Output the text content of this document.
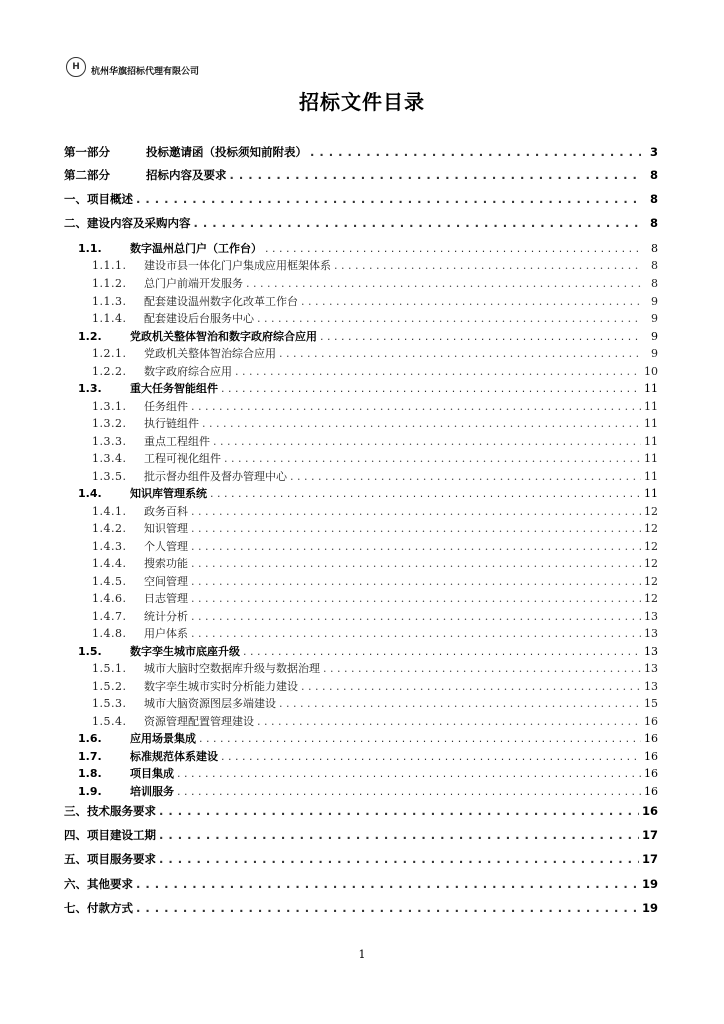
H 杭州华旗招标代理有限公司
招标文件目录
第一部分	投标邀请函（投标须知前附表） . . .	3
第二部分	招标内容及要求 . . .	8
一、项目概述 . . .	8
二、建设内容及采购内容 . . .	8
1.1.	数字温州总门户（工作台） . . .	8
1.1.1. 建设市县一体化门户集成应用框架体系 . . .	8
1.1.2. 总门户前端开发服务 . . .	8
1.1.3. 配套建设温州数字化改革工作台 . . .	9
1.1.4. 配套建设后台服务中心 . . .	9
1.2.	党政机关整体智治和数字政府综合应用 . . .	9
1.2.1. 党政机关整体智治综合应用 . . .	9
1.2.2. 数字政府综合应用 . . .	10
1.3.	重大任务智能组件 . . .	11
1.3.1. 任务组件 . . .	11
1.3.2. 执行链组件 . . .	11
1.3.3. 重点工程组件 . . .	11
1.3.4. 工程可视化组件 . . .	11
1.3.5. 批示督办组件及督办管理中心 . . .	11
1.4.	知识库管理系统 . . .	11
1.4.1. 政务百科 . . .	12
1.4.2. 知识管理 . . .	12
1.4.3. 个人管理 . . .	12
1.4.4. 搜索功能 . . .	12
1.4.5. 空间管理 . . .	12
1.4.6. 日志管理 . . .	12
1.4.7. 统计分析 . . .	13
1.4.8. 用户体系 . . .	13
1.5.	数字孪生城市底座升级 . . .	13
1.5.1. 城市大脑时空数据库升级与数据治理 . . .	13
1.5.2. 数字孪生城市实时分析能力建设 . . .	13
1.5.3. 城市大脑资源图层多端建设 . . .	15
1.5.4. 资源管理配置管理建设 . . .	16
1.6.	应用场景集成 . . .	16
1.7.	标准规范体系建设 . . .	16
1.8.	项目集成 . . .	16
1.9.	培训服务 . . .	16
三、技术服务要求 . . .	16
四、项目建设工期 . . .	17
五、项目服务要求 . . .	17
六、其他要求 . . .	19
七、付款方式 . . .	19
1
